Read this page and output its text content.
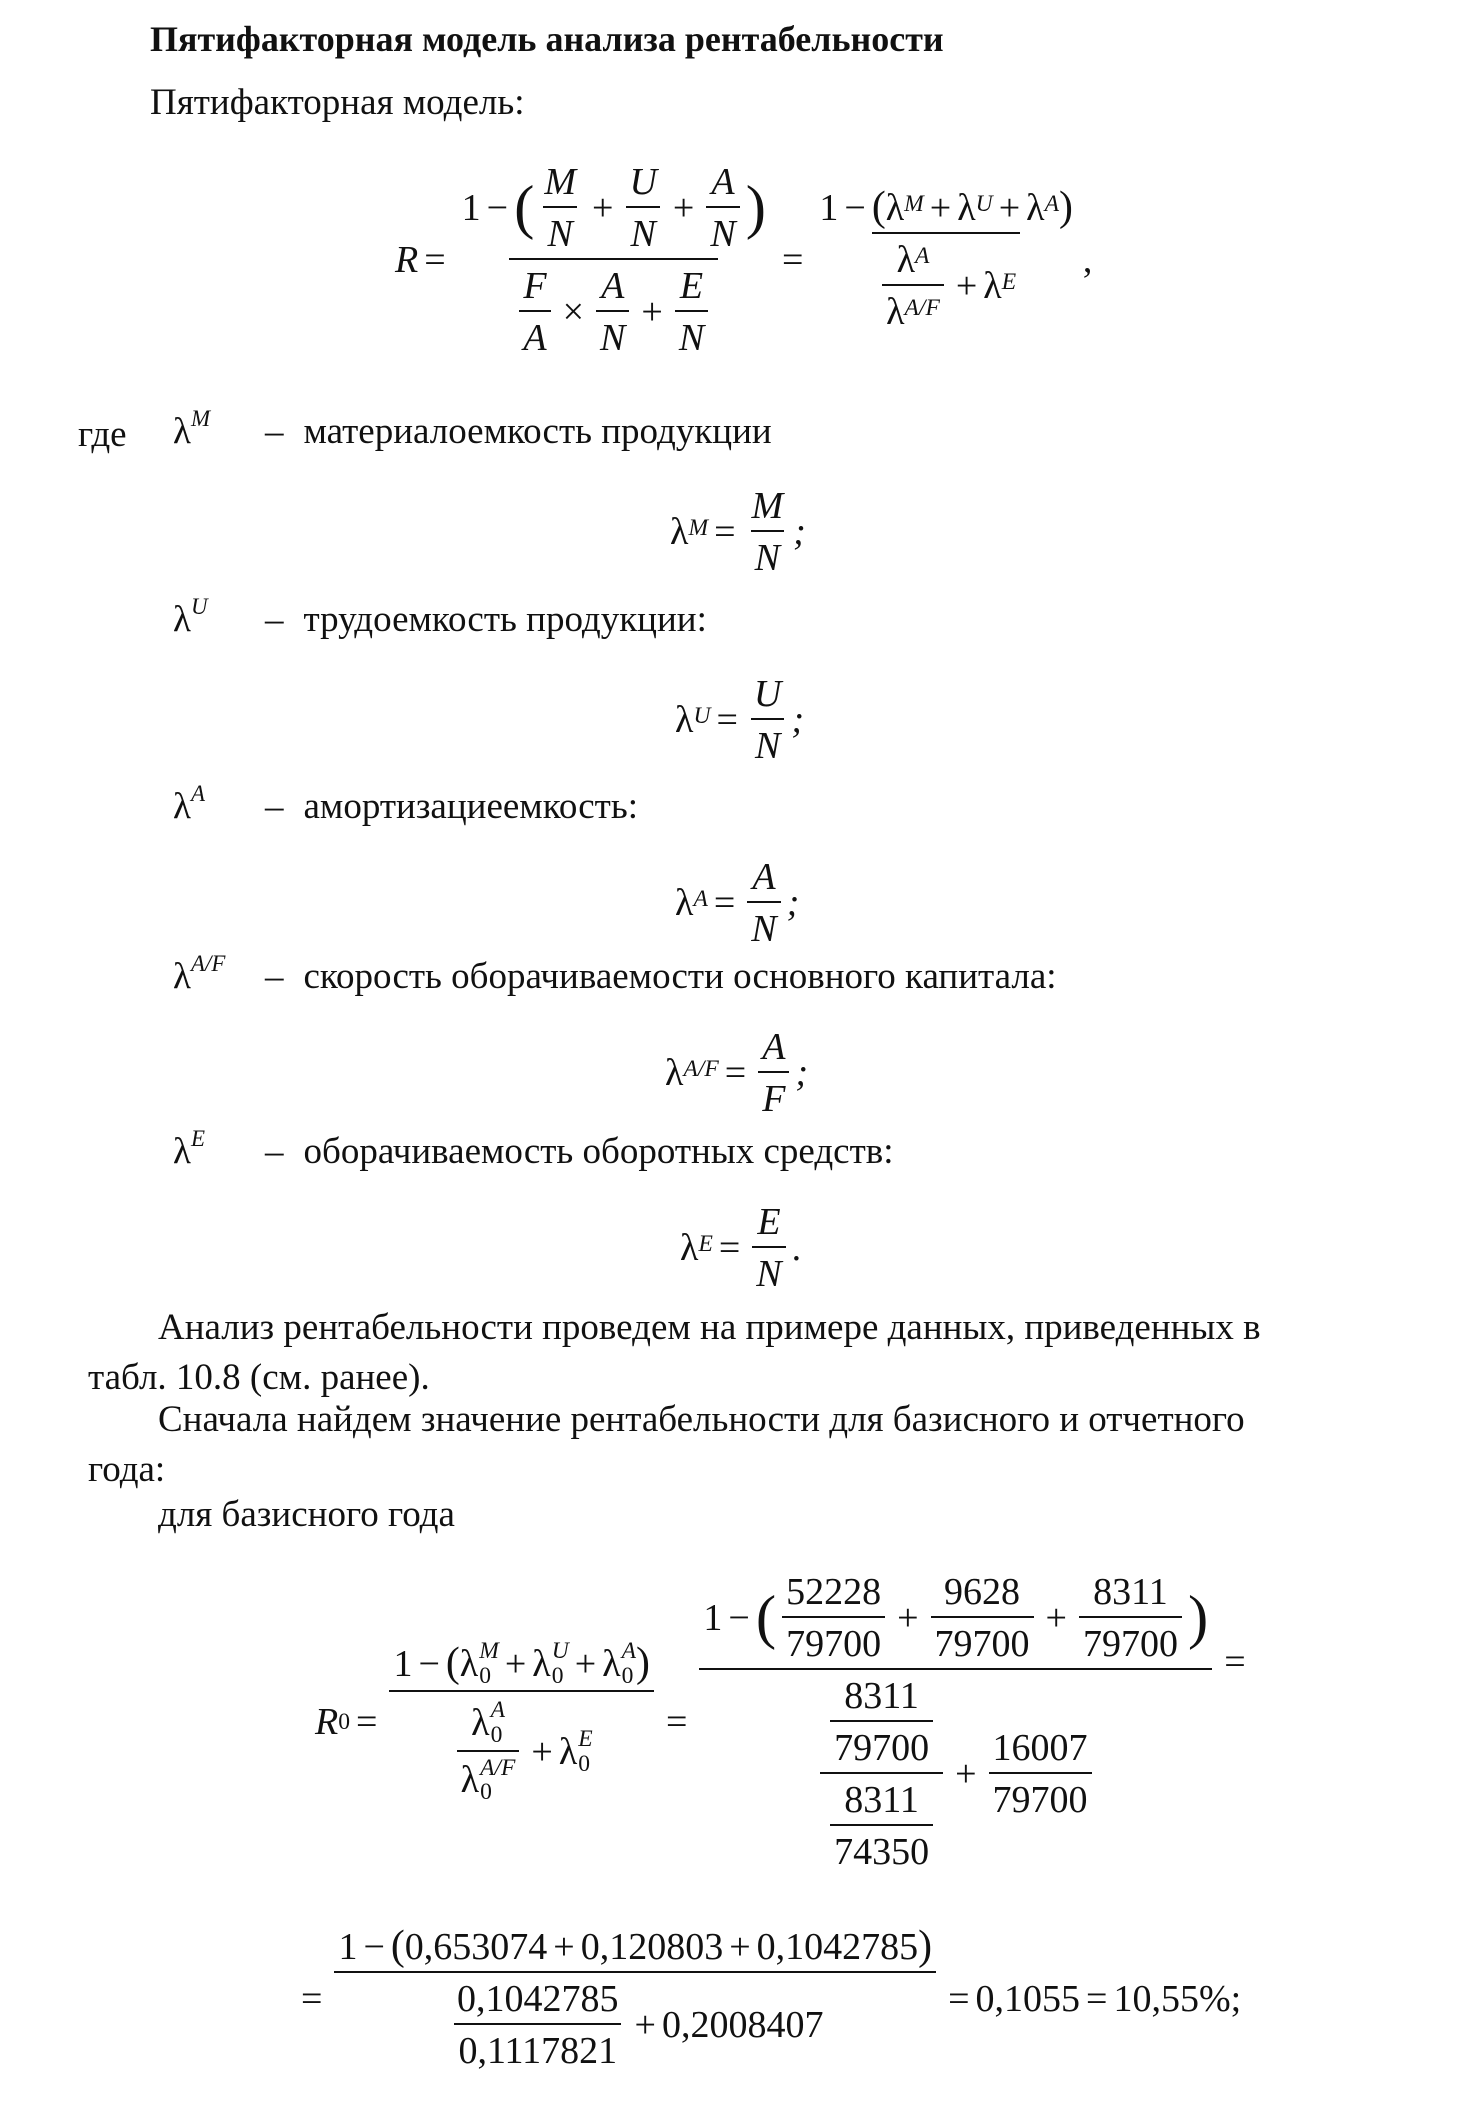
Пятифакторная модель анализа рентабельности
Пятифакторная модель:
R =
1 − ( $\frac{M}{N} + \frac{U}{N} + \frac{A}{N}$ )
$\frac{F}{A} \times \frac{A}{N} + \frac{E}{N}$
=
1 − ( λ $^M$ + λ $^U$ + λ $^A$ )
$\frac{\lambda ^A}{\lambda ^{A/F}} + \lambda$ $^E$
,
где $\lambda^M$	– материалоемкость продукции
λ $^M = \frac{M}{N}$ ;
$\lambda^U$	– трудоемкость продукции:
λ $^U = \frac{U}{N}$ ;
$\lambda^A$	– амортизациеемкость:
λ $^A = \frac{A}{N}$ ;
$\lambda^{A/F}$	– скорость оборачиваемости основного капитала:
λ $^{A/F} = \frac{A}{F}$ ;
$\lambda^E$	– оборачиваемость оборотных средств:
λ $^E = \frac{E}{N}$ .
Анализ рентабельности проведем на примере данных, приведенных в
табл. 10.8 (см. ранее).
Сначала найдем значение рентабельности для базисного и отчетного
года:
для базисного года
R 0 =
1 − ( λ M
0 + λ U
0 + λ A
0 )
λ A
0
λ A/F
0 + λ E
0
=
1 − ( $\frac{52228}{79700} + \frac{9628}{79700} + \frac{8311}{79700}$ )
$\frac{\frac{8311}{79700}}{\frac{8311}{74350}} + \frac{16007}{79700}$
=
=
1 − ( 0,653074 + 0,120803 + 0,1042785 )
$\frac{0,1042785}{0,1117821} + 0,2008407$
= 0,1055 = 10,55% ;
